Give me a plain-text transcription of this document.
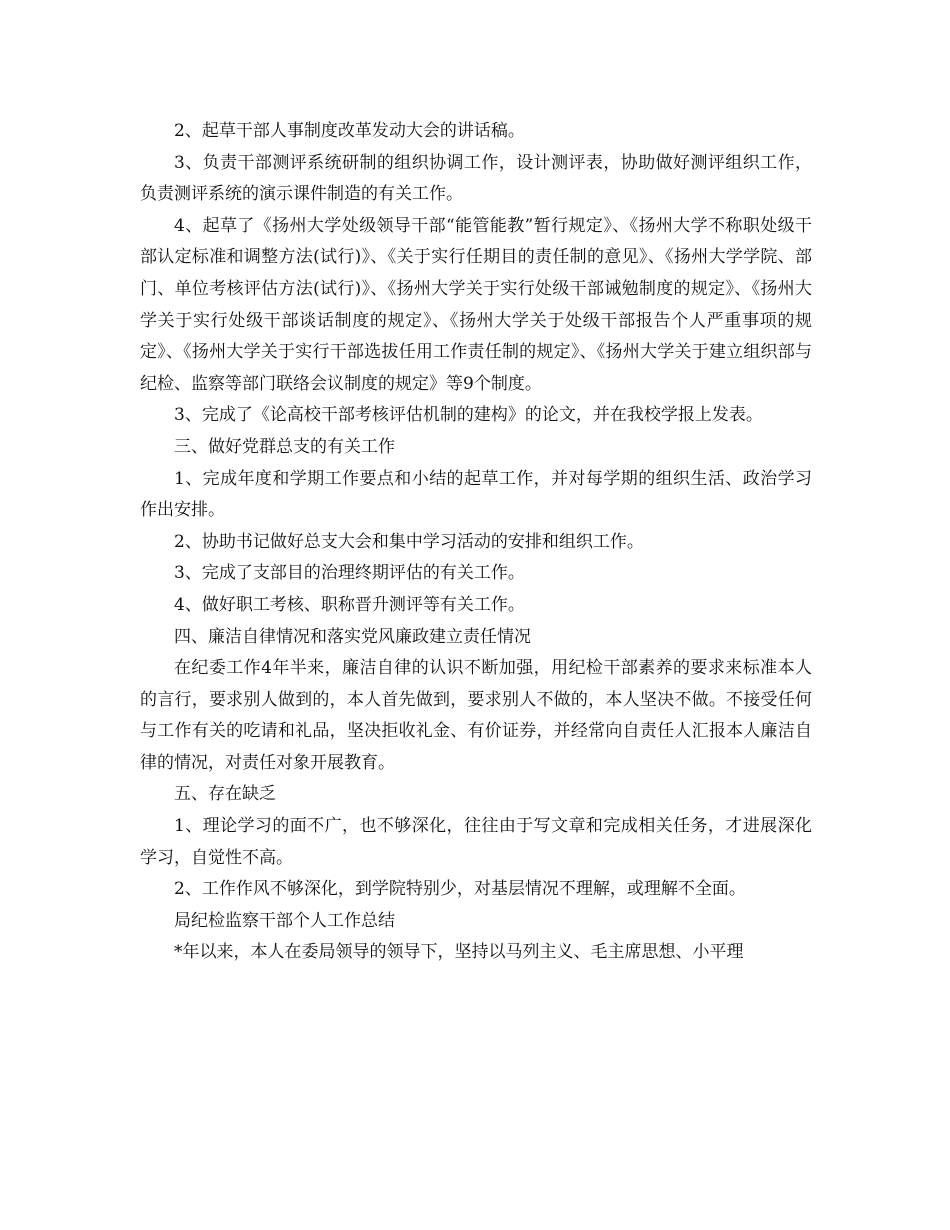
2、起草干部人事制度改革发动大会的讲话稿。

3、负责干部测评系统研制的组织协调工作，设计测评表，协助做好测评组织工作，负责测评系统的演示课件制造的有关工作。

4、起草了《扬州大学处级领导干部“能管能教”暂行规定》、《扬州大学不称职处级干部认定标准和调整方法(试行)》、《关于实行任期目的责任制的意见》、《扬州大学学院、部门、单位考核评估方法(试行)》、《扬州大学关于实行处级干部诫勉制度的规定》、《扬州大学关于实行处级干部谈话制度的规定》、《扬州大学关于处级干部报告个人严重事项的规定》、《扬州大学关于实行干部选拔任用工作责任制的规定》、《扬州大学关于建立组织部与纪检、监察等部门联络会议制度的规定》等9个制度。

3、完成了《论高校干部考核评估机制的建构》的论文，并在我校学报上发表。

三、做好党群总支的有关工作

1、完成年度和学期工作要点和小结的起草工作，并对每学期的组织生活、政治学习作出安排。

2、协助书记做好总支大会和集中学习活动的安排和组织工作。

3、完成了支部目的治理终期评估的有关工作。

4、做好职工考核、职称晋升测评等有关工作。

四、廉洁自律情况和落实党风廉政建立责任情况

在纪委工作4年半来，廉洁自律的认识不断加强，用纪检干部素养的要求来标准本人的言行，要求别人做到的，本人首先做到，要求别人不做的，本人坚决不做。不接受任何与工作有关的吃请和礼品，坚决拒收礼金、有价证券，并经常向自责任人汇报本人廉洁自律的情况，对责任对象开展教育。

五、存在缺乏

1、理论学习的面不广，也不够深化，往往由于写文章和完成相关任务，才进展深化学习，自觉性不高。

2、工作作风不够深化，到学院特别少，对基层情况不理解，或理解不全面。

局纪检监察干部个人工作总结

*年以来，本人在委局领导的领导下，坚持以马列主义、毛主席思想、小平理
